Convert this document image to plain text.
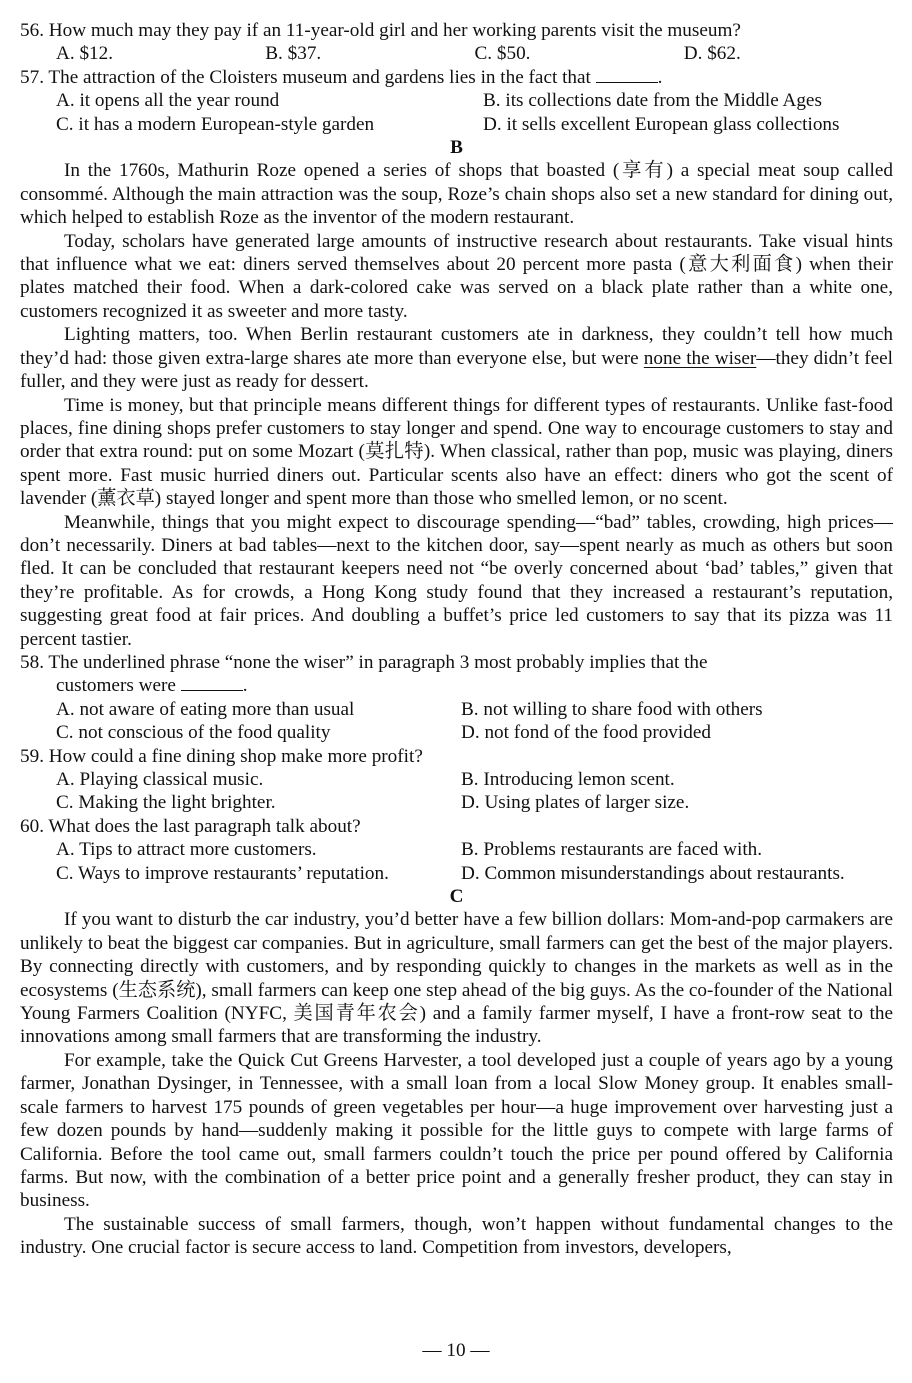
56. How much may they pay if an 11-year-old girl and her working parents visit the museum?

A. $12.	B. $37.	C. $50.	D. $62.

57. The attraction of the Cloisters museum and gardens lies in the fact that	.

A. it opens all the year round	B. its collections date from the Middle Ages
C. it has a modern European-style garden	D. it sells excellent European glass collections

B

In the 1760s, Mathurin Roze opened a series of shops that boasted (享有) a special meat soup called consommé. Although the main attraction was the soup, Roze’s chain shops also set a new standard for dining out, which helped to establish Roze as the inventor of the modern restaurant.

Today, scholars have generated large amounts of instructive research about restaurants. Take visual hints that influence what we eat: diners served themselves about 20 percent more pasta (意大利面食) when their plates matched their food. When a dark-colored cake was served on a black plate rather than a white one, customers recognized it as sweeter and more tasty.

Lighting matters, too. When Berlin restaurant customers ate in darkness, they couldn’t tell how much they’d had: those given extra-large shares ate more than everyone else, but were none the wiser—they didn’t feel fuller, and they were just as ready for dessert.

Time is money, but that principle means different things for different types of restaurants. Unlike fast-food places, fine dining shops prefer customers to stay longer and spend. One way to encourage customers to stay and order that extra round: put on some Mozart (莫扎特). When classical, rather than pop, music was playing, diners spent more. Fast music hurried diners out. Particular scents also have an effect: diners who got the scent of lavender (薰衣草) stayed longer and spent more than those who smelled lemon, or no scent.

Meanwhile, things that you might expect to discourage spending—“bad” tables, crowding, high prices—don’t necessarily. Diners at bad tables—next to the kitchen door, say—spent nearly as much as others but soon fled. It can be concluded that restaurant keepers need not “be overly concerned about ‘bad’ tables,” given that they’re profitable. As for crowds, a Hong Kong study found that they increased a restaurant’s reputation, suggesting great food at fair prices. And doubling a buffet’s price led customers to say that its pizza was 11 percent tastier.

58. The underlined phrase “none the wiser” in paragraph 3 most probably implies that the

customers were	.

A. not aware of eating more than usual	B. not willing to share food with others
C. not conscious of the food quality	D. not fond of the food provided

59. How could a fine dining shop make more profit?

A. Playing classical music.	B. Introducing lemon scent.
C. Making the light brighter.	D. Using plates of larger size.

60. What does the last paragraph talk about?

A. Tips to attract more customers.	B. Problems restaurants are faced with.
C. Ways to improve restaurants’ reputation.	D. Common misunderstandings about restaurants.

C

If you want to disturb the car industry, you’d better have a few billion dollars: Mom-and-pop carmakers are unlikely to beat the biggest car companies. But in agriculture, small farmers can get the best of the major players. By connecting directly with customers, and by responding quickly to changes in the markets as well as in the ecosystems (生态系统), small farmers can keep one step ahead of the big guys. As the co-founder of the National Young Farmers Coalition (NYFC, 美国青年农会) and a family farmer myself, I have a front-row seat to the innovations among small farmers that are transforming the industry.

For example, take the Quick Cut Greens Harvester, a tool developed just a couple of years ago by a young farmer, Jonathan Dysinger, in Tennessee, with a small loan from a local Slow Money group. It enables small-scale farmers to harvest 175 pounds of green vegetables per hour—a huge improvement over harvesting just a few dozen pounds by hand—suddenly making it possible for the little guys to compete with large farms of California. Before the tool came out, small farmers couldn’t touch the price per pound offered by California farms. But now, with the combination of a better price point and a generally fresher product, they can stay in business.

The sustainable success of small farmers, though, won’t happen without fundamental changes to the industry. One crucial factor is secure access to land. Competition from investors, developers,

— 10 —
